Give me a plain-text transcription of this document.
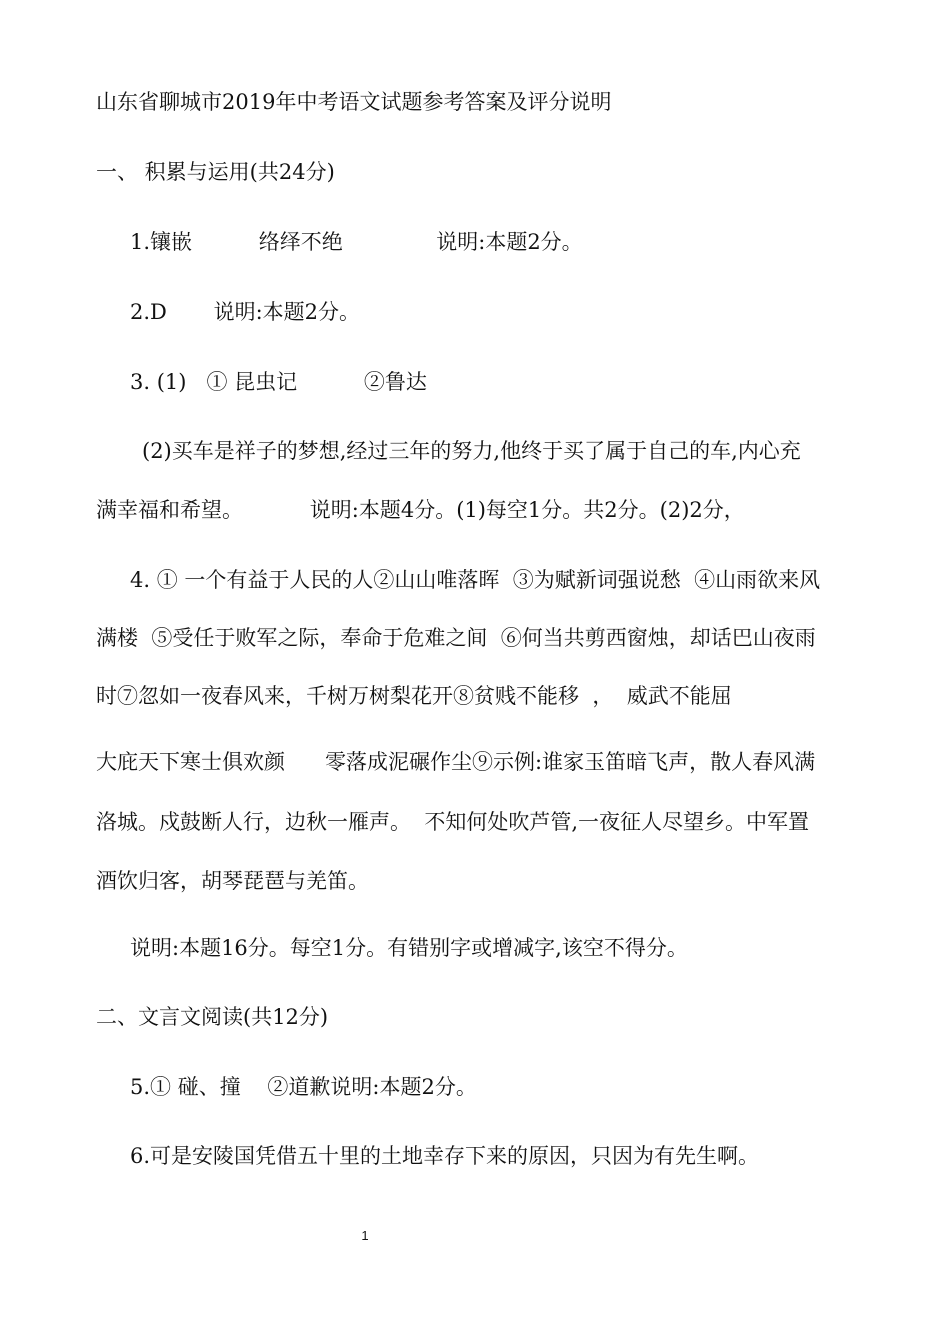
山东省聊城市2019年中考语文试题参考答案及评分说明

一、 积累与运用(共24分)

1.镶嵌          络绎不绝              说明:本题2分。

2.D       说明:本题2分。

3. (1)   ① 昆虫记          ②鲁达

(2)买车是祥子的梦想,经过三年的努力,他终于买了属于自己的车,内心充

满幸福和希望。          说明:本题4分。(1)每空1分。共2分。(2)2分，

4. ① 一个有益于人民的人②山山唯落晖  ③为赋新词强说愁  ④山雨欲来风

满楼  ⑤受任于败军之际，奉命于危难之间  ⑥何当共剪西窗烛，却话巴山夜雨

时⑦忽如一夜春风来，千树万树梨花开⑧贫贱不能移  ，  威武不能屈

大庇天下寒士俱欢颜      零落成泥碾作尘⑨示例:谁家玉笛暗飞声，散人春风满

洛城。戍鼓断人行，边秋一雁声。  不知何处吹芦管,一夜征人尽望乡。中军置

酒饮归客，胡琴琵琶与羌笛。

说明:本题16分。每空1分。有错别字或增减字,该空不得分。

二、文言文阅读(共12分)

5.① 碰、撞    ②道歉说明:本题2分。

6.可是安陵国凭借五十里的土地幸存下来的原因，只因为有先生啊。

1
